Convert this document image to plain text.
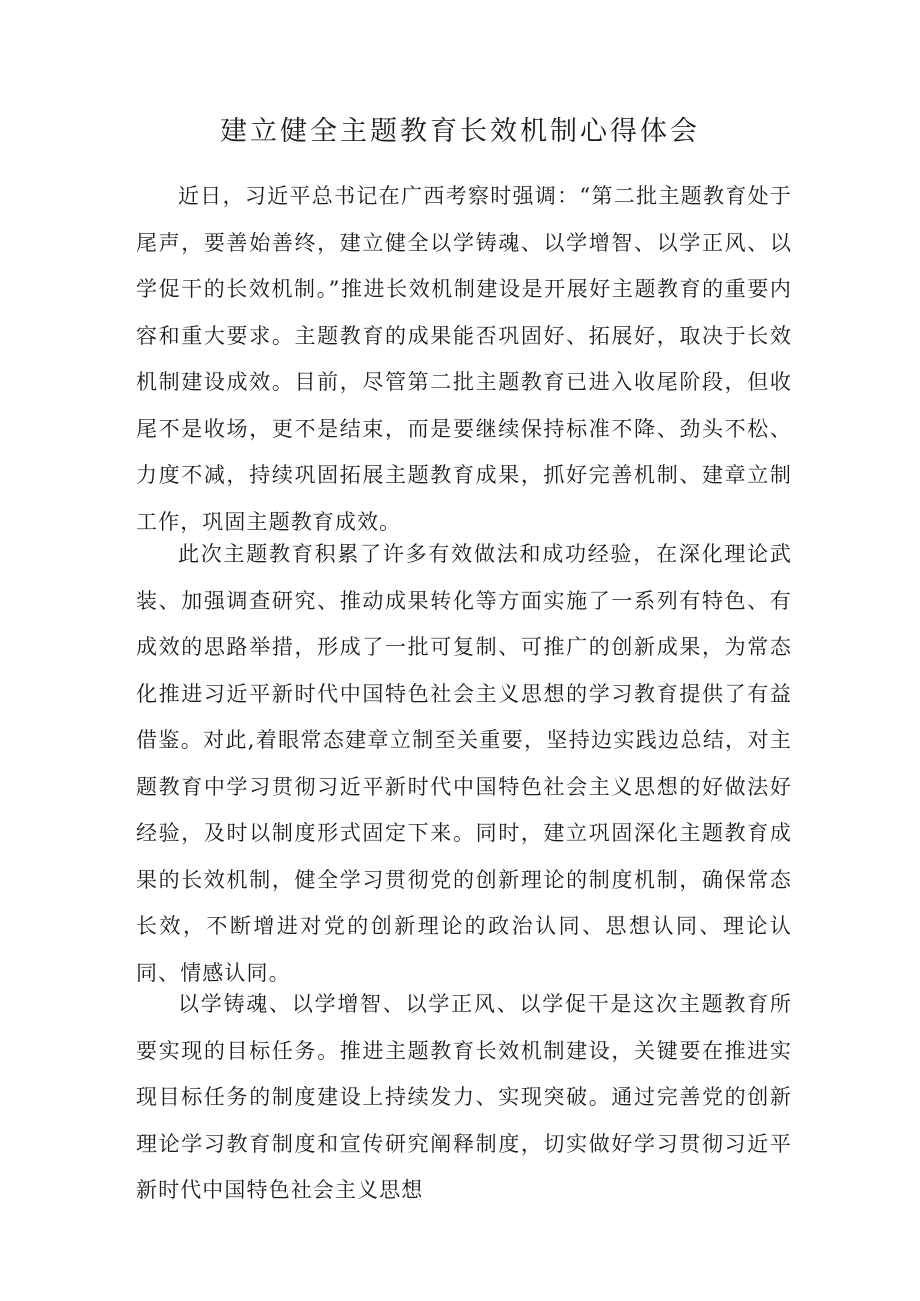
建立健全主题教育长效机制心得体会

近日，习近平总书记在广西考察时强调：“第二批主题教育处于尾声，要善始善终，建立健全以学铸魂、以学增智、以学正风、以学促干的长效机制。”推进长效机制建设是开展好主题教育的重要内容和重大要求。主题教育的成果能否巩固好、拓展好，取决于长效机制建设成效。目前，尽管第二批主题教育已进入收尾阶段，但收尾不是收场，更不是结束，而是要继续保持标准不降、劲头不松、力度不减，持续巩固拓展主题教育成果，抓好完善机制、建章立制工作，巩固主题教育成效。

此次主题教育积累了许多有效做法和成功经验，在深化理论武装、加强调查研究、推动成果转化等方面实施了一系列有特色、有成效的思路举措，形成了一批可复制、可推广的创新成果，为常态化推进习近平新时代中国特色社会主义思想的学习教育提供了有益借鉴。对此,着眼常态建章立制至关重要，坚持边实践边总结，对主题教育中学习贯彻习近平新时代中国特色社会主义思想的好做法好经验，及时以制度形式固定下来。同时，建立巩固深化主题教育成果的长效机制，健全学习贯彻党的创新理论的制度机制，确保常态长效，不断增进对党的创新理论的政治认同、思想认同、理论认同、情感认同。

以学铸魂、以学增智、以学正风、以学促干是这次主题教育所要实现的目标任务。推进主题教育长效机制建设，关键要在推进实现目标任务的制度建设上持续发力、实现突破。通过完善党的创新理论学习教育制度和宣传研究阐释制度，切实做好学习贯彻习近平新时代中国特色社会主义思想
